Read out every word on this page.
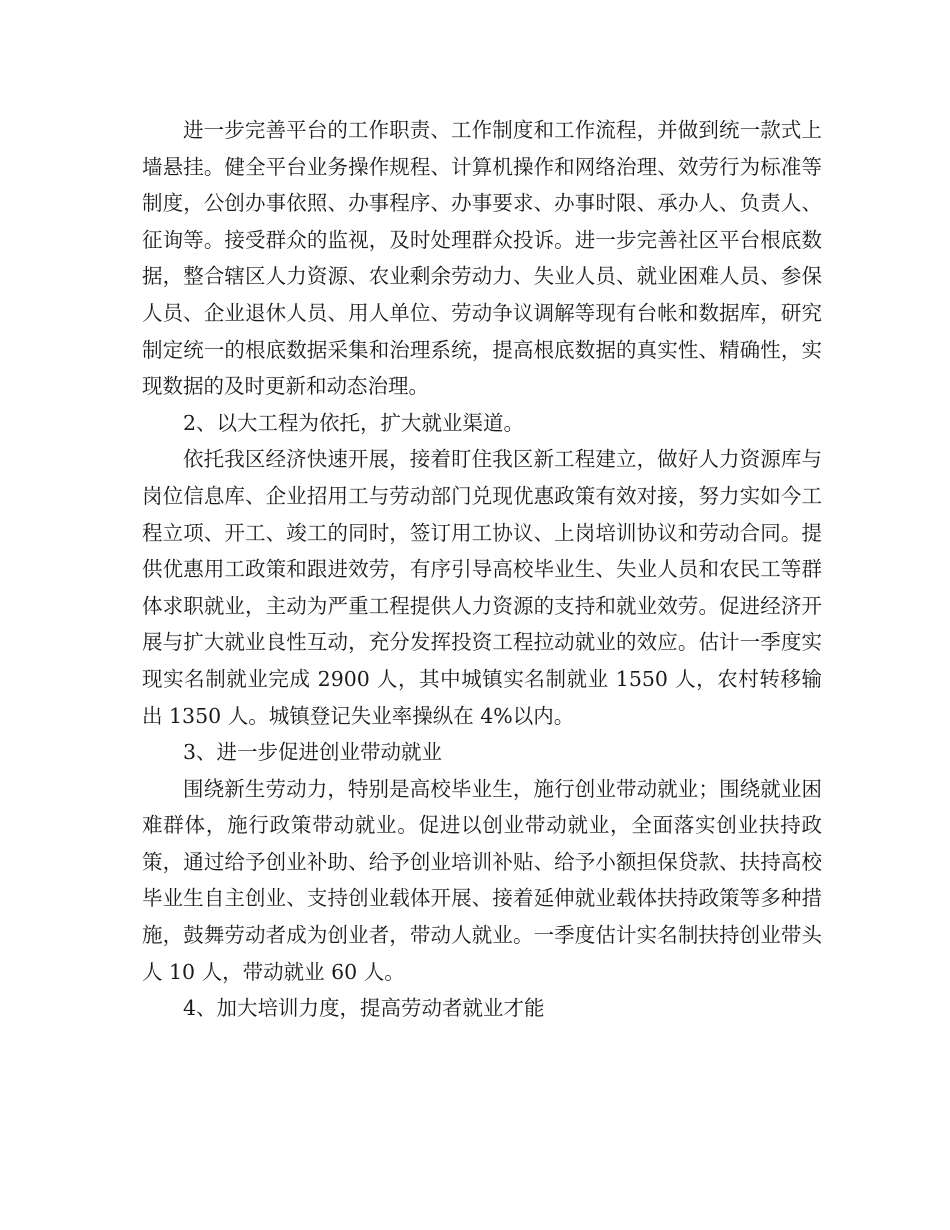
进一步完善平台的工作职责、工作制度和工作流程，并做到统一款式上墙悬挂。健全平台业务操作规程、计算机操作和网络治理、效劳行为标准等制度，公创办事依照、办事程序、办事要求、办事时限、承办人、负责人、征询等。接受群众的监视，及时处理群众投诉。进一步完善社区平台根底数据，整合辖区人力资源、农业剩余劳动力、失业人员、就业困难人员、参保人员、企业退休人员、用人单位、劳动争议调解等现有台帐和数据库，研究制定统一的根底数据采集和治理系统，提高根底数据的真实性、精确性，实现数据的及时更新和动态治理。

2、以大工程为依托，扩大就业渠道。

依托我区经济快速开展，接着盯住我区新工程建立，做好人力资源库与岗位信息库、企业招用工与劳动部门兑现优惠政策有效对接，努力实如今工程立项、开工、竣工的同时，签订用工协议、上岗培训协议和劳动合同。提供优惠用工政策和跟进效劳，有序引导高校毕业生、失业人员和农民工等群体求职就业，主动为严重工程提供人力资源的支持和就业效劳。促进经济开展与扩大就业良性互动，充分发挥投资工程拉动就业的效应。估计一季度实现实名制就业完成 2900 人，其中城镇实名制就业 1550 人，农村转移输出 1350 人。城镇登记失业率操纵在 4%以内。

3、进一步促进创业带动就业

围绕新生劳动力，特别是高校毕业生，施行创业带动就业；围绕就业困难群体，施行政策带动就业。促进以创业带动就业，全面落实创业扶持政策，通过给予创业补助、给予创业培训补贴、给予小额担保贷款、扶持高校毕业生自主创业、支持创业载体开展、接着延伸就业载体扶持政策等多种措施，鼓舞劳动者成为创业者，带动人就业。一季度估计实名制扶持创业带头人 10 人，带动就业 60 人。

4、加大培训力度，提高劳动者就业才能
